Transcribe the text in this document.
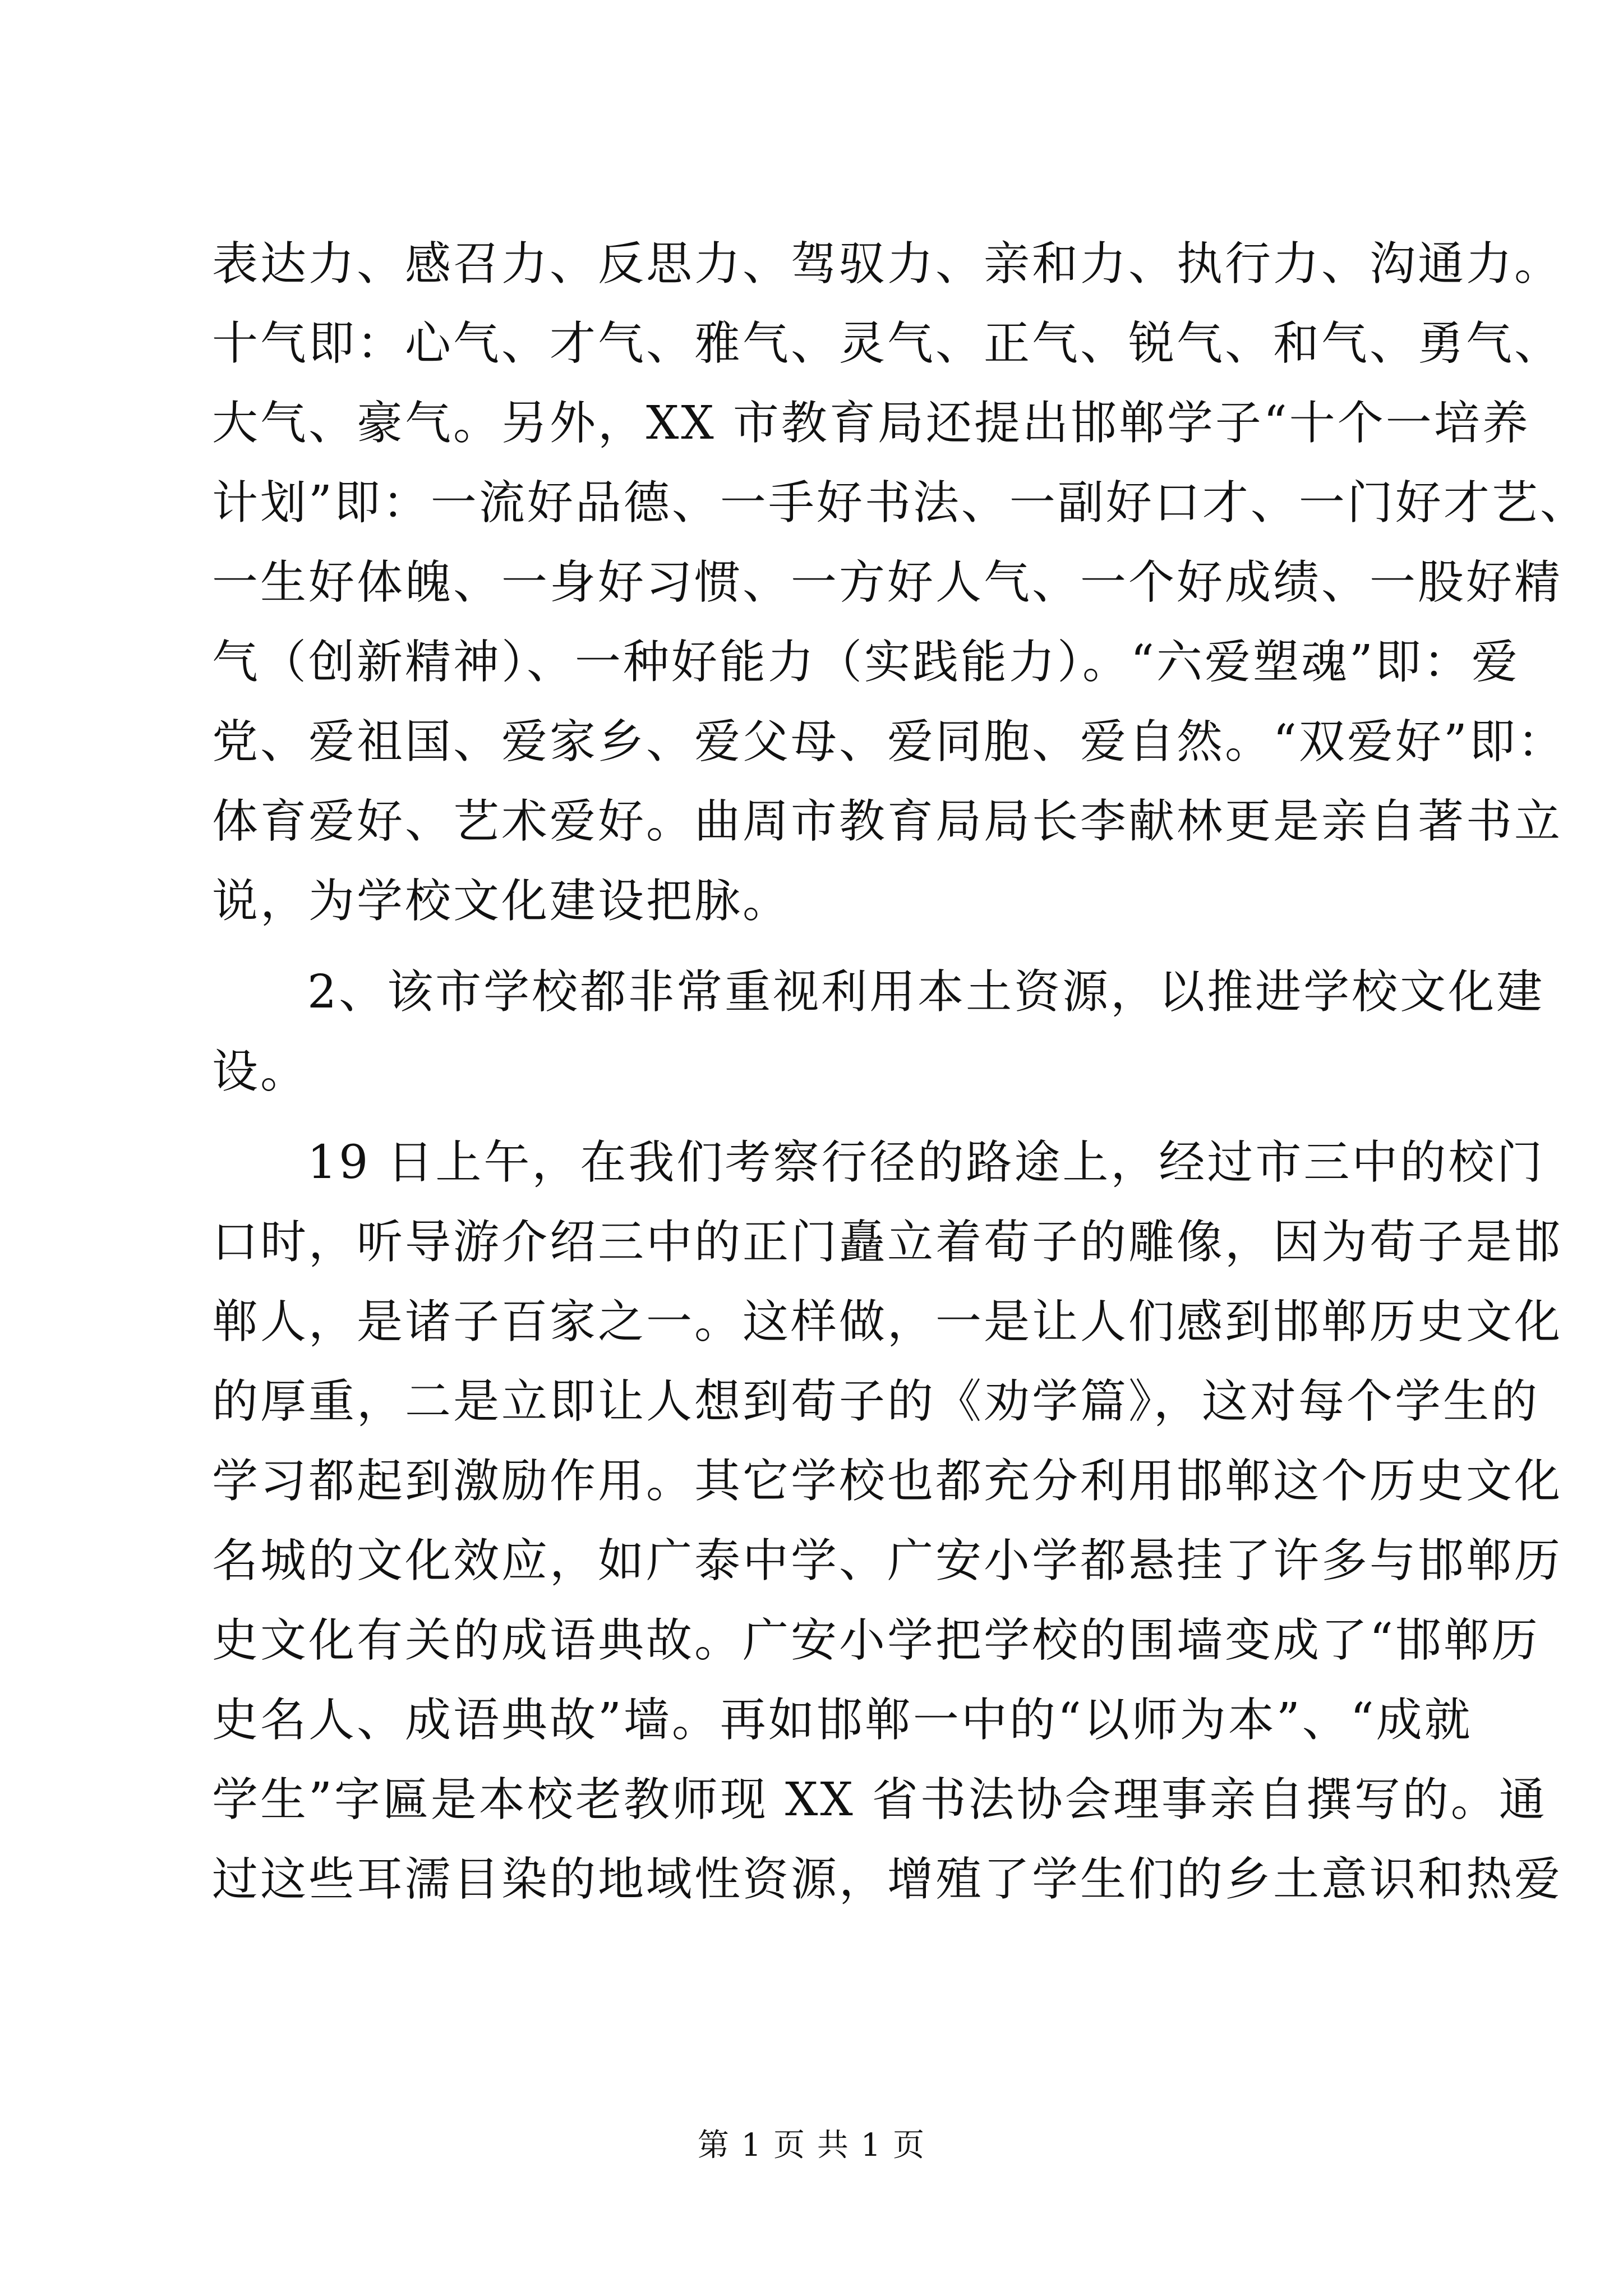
表达力、感召力、反思力、驾驭力、亲和力、执行力、沟通力。
十气即：心气、才气、雅气、灵气、正气、锐气、和气、勇气、
大气、豪气。另外，XX 市教育局还提出邯郸学子“十个一培养
计划”即：一流好品德、一手好书法、一副好口才、一门好才艺、
一生好体魄、一身好习惯、一方好人气、一个好成绩、一股好精
气（创新精神）、一种好能力（实践能力）。“六爱塑魂”即：爱
党、爱祖国、爱家乡、爱父母、爱同胞、爱自然。“双爱好”即：
体育爱好、艺术爱好。曲周市教育局局长李献林更是亲自著书立
说，为学校文化建设把脉。
2、该市学校都非常重视利用本土资源，以推进学校文化建
设。
19 日上午，在我们考察行径的路途上，经过市三中的校门
口时，听导游介绍三中的正门矗立着荀子的雕像，因为荀子是邯
郸人，是诸子百家之一。这样做，一是让人们感到邯郸历史文化
的厚重，二是立即让人想到荀子的《劝学篇》，这对每个学生的
学习都起到激励作用。其它学校也都充分利用邯郸这个历史文化
名城的文化效应，如广泰中学、广安小学都悬挂了许多与邯郸历
史文化有关的成语典故。广安小学把学校的围墙变成了“邯郸历
史名人、成语典故”墙。再如邯郸一中的“以师为本”、“成就
学生”字匾是本校老教师现 XX 省书法协会理事亲自撰写的。通
过这些耳濡目染的地域性资源，增殖了学生们的乡土意识和热爱
第 1 页 共 1 页
